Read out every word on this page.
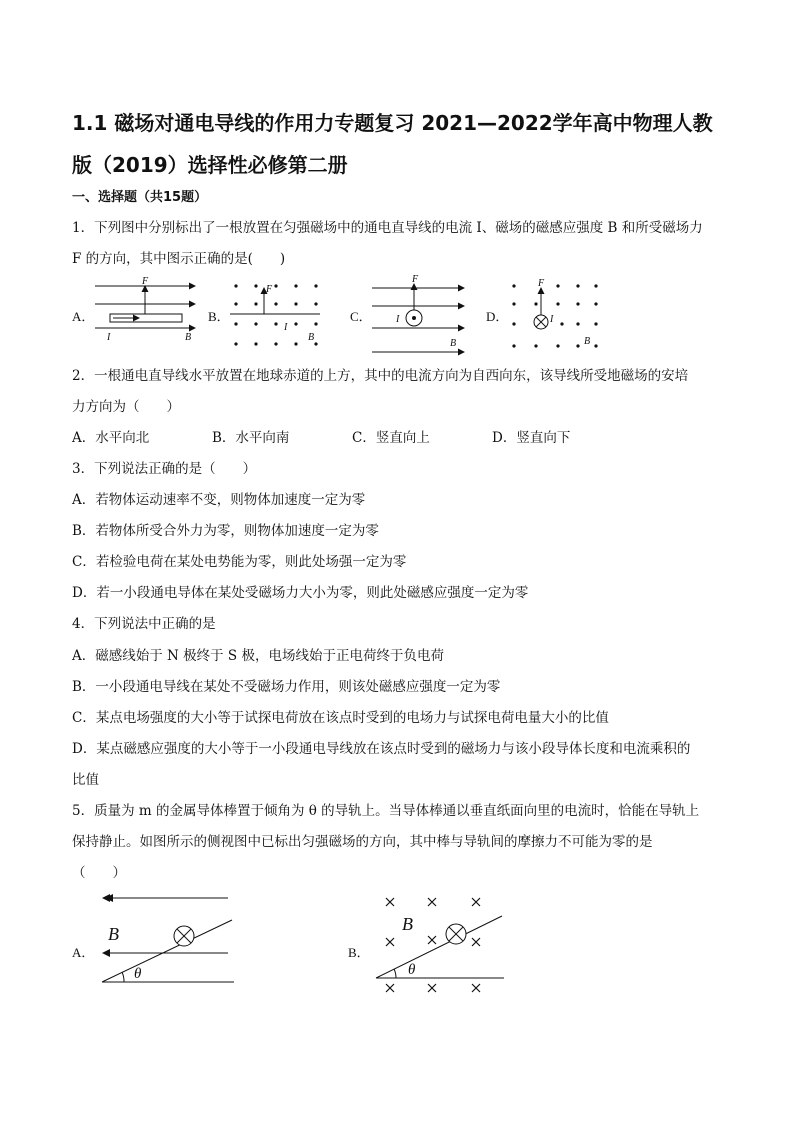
1.1 磁场对通电导线的作用力专题复习 2021—2022学年高中物理人教版（2019）选择性必修第二册
一、选择题（共15题）
1．下列图中分别标出了一根放置在匀强磁场中的通电直导线的电流 I、磁场的磁感应强度 B 和所受磁场力
F 的方向，其中图示正确的是(　　)
A．
F
I	B
B．
F
I
B
C．
F
I
B
D．
F
I
B
2．一根通电直导线水平放置在地球赤道的上方，其中的电流方向为自西向东，该导线所受地磁场的安培
力方向为（　　）
A．水平向北	B．水平向南	C．竖直向上	D．竖直向下
3．下列说法正确的是（　　）
A．若物体运动速率不变，则物体加速度一定为零
B．若物体所受合外力为零，则物体加速度一定为零
C．若检验电荷在某处电势能为零，则此处场强一定为零
D．若一小段通电导体在某处受磁场力大小为零，则此处磁感应强度一定为零
4．下列说法中正确的是
A．磁感线始于 N 极终于 S 极，电场线始于正电荷终于负电荷
B．一小段通电导线在某处不受磁场力作用，则该处磁感应强度一定为零
C．某点电场强度的大小等于试探电荷放在该点时受到的电场力与试探电荷电量大小的比值
D．某点磁感应强度的大小等于一小段通电导线放在该点时受到的磁场力与该小段导体长度和电流乘积的
比值
5．质量为 m 的金属导体棒置于倾角为 θ 的导轨上。当导体棒通以垂直纸面向里的电流时，恰能在导轨上
保持静止。如图所示的侧视图中已标出匀强磁场的方向，其中棒与导轨间的摩擦力不可能为零的是
（　　）
A．
B
θ
B．
B
θ
